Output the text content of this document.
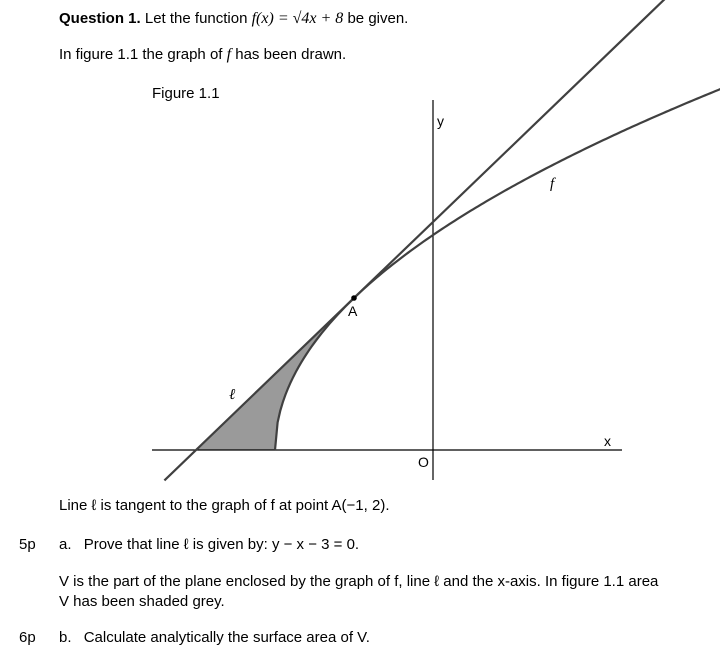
Question 1. Let the function f(x) = √4x + 8 be given.
In figure 1.1 the graph of f has been drawn.
Figure 1.1
A
x
y
O
f
ℓ
Line ℓ is tangent to the graph of f at point A(−1, 2).
5p a. Prove that line ℓ is given by: y − x − 3 = 0.
V is the part of the plane enclosed by the graph of f, line ℓ and the x-axis. In figure 1.1 area
V has been shaded grey.
6p b. Calculate analytically the surface area of V.
